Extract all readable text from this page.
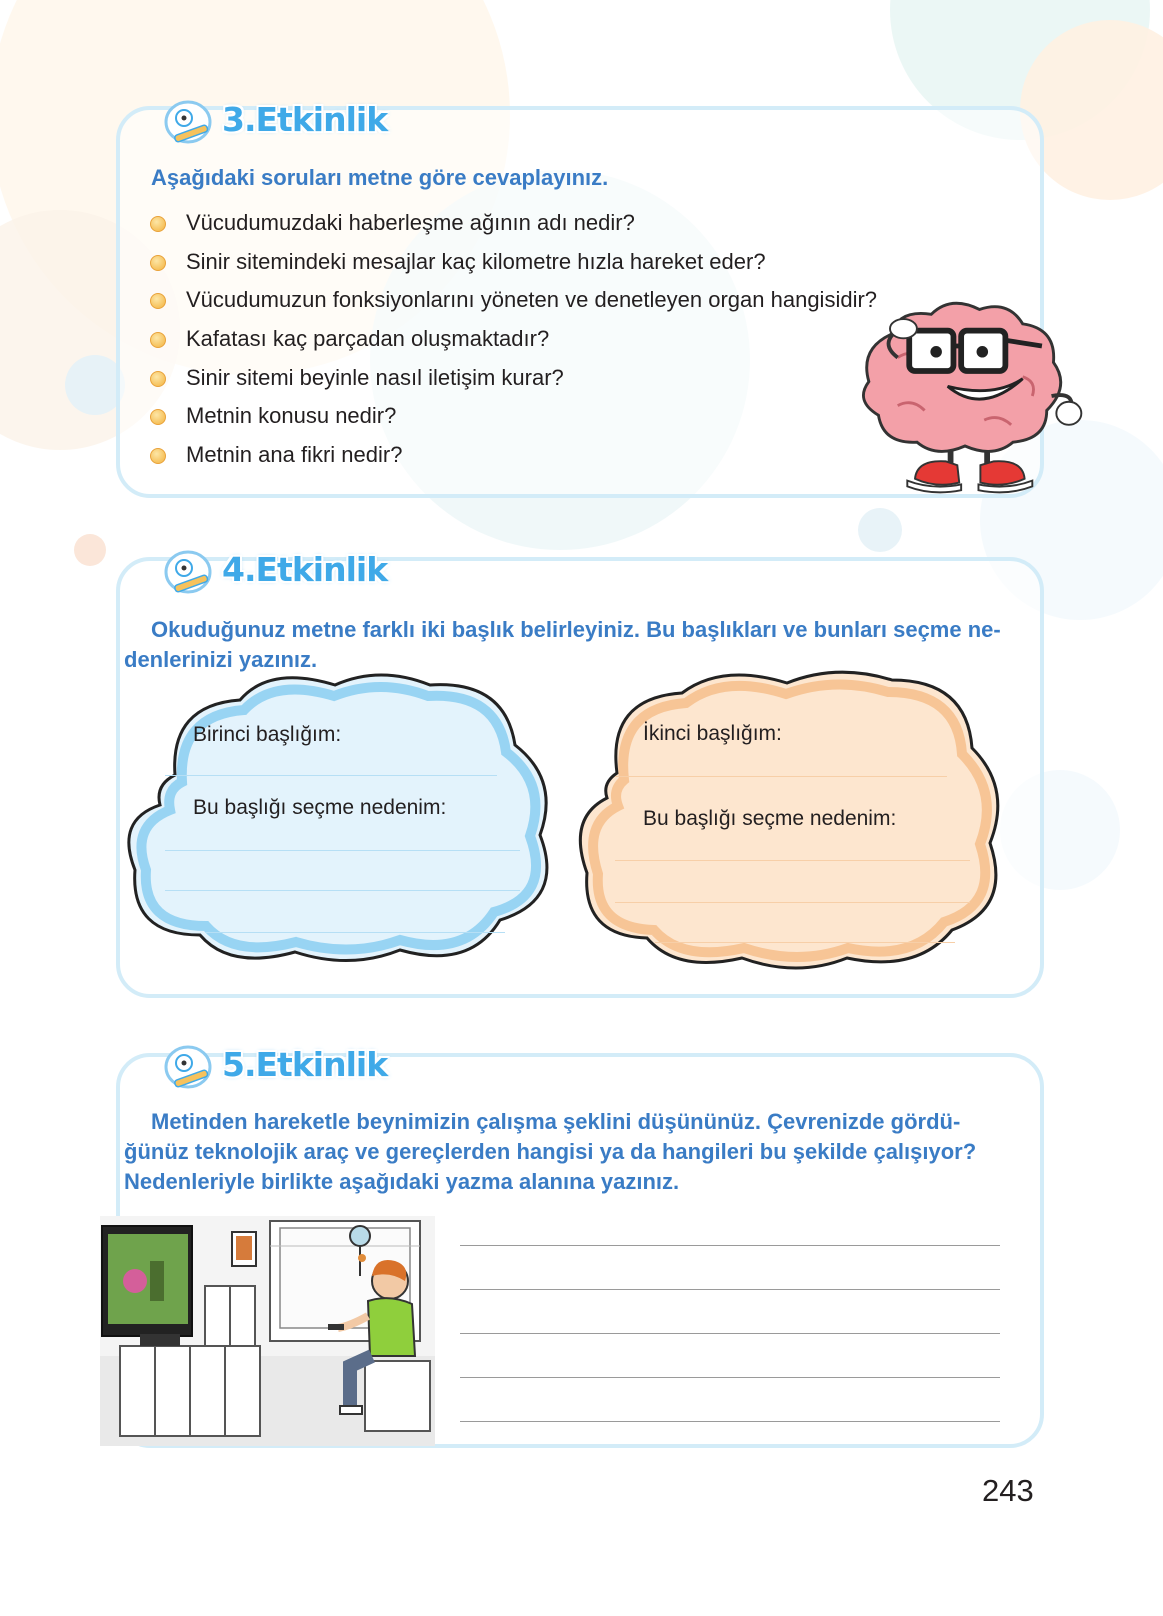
3.Etkinlik

Aşağıdaki soruları metne göre cevaplayınız.

Vücudumuzdaki haberleşme ağının adı nedir?
Sinir sitemindeki mesajlar kaç kilometre hızla hareket eder?
Vücudumuzun fonksiyonlarını yöneten ve denetleyen organ hangisidir?
Kafatası kaç parçadan oluşmaktadır?
Sinir sitemi beyinle nasıl iletişim kurar?
Metnin konusu nedir?
Metnin ana fikri nedir?
4.Etkinlik

Okuduğunuz metne farklı iki başlık belirleyiniz. Bu başlıkları ve bunları seçme ne-

denlerinizi yazınız.

Birinci başlığım:
Bu başlığı seçme nedenim:
İkinci başlığım:
Bu başlığı seçme nedenim:
5.Etkinlik

Metinden hareketle beynimizin çalışma şeklini düşününüz. Çevrenizde gördü-

ğünüz teknolojik araç ve gereçlerden hangisi ya da hangileri bu şekilde çalışıyor?

Nedenleriyle birlikte aşağıdaki yazma alanına yazınız.

243
